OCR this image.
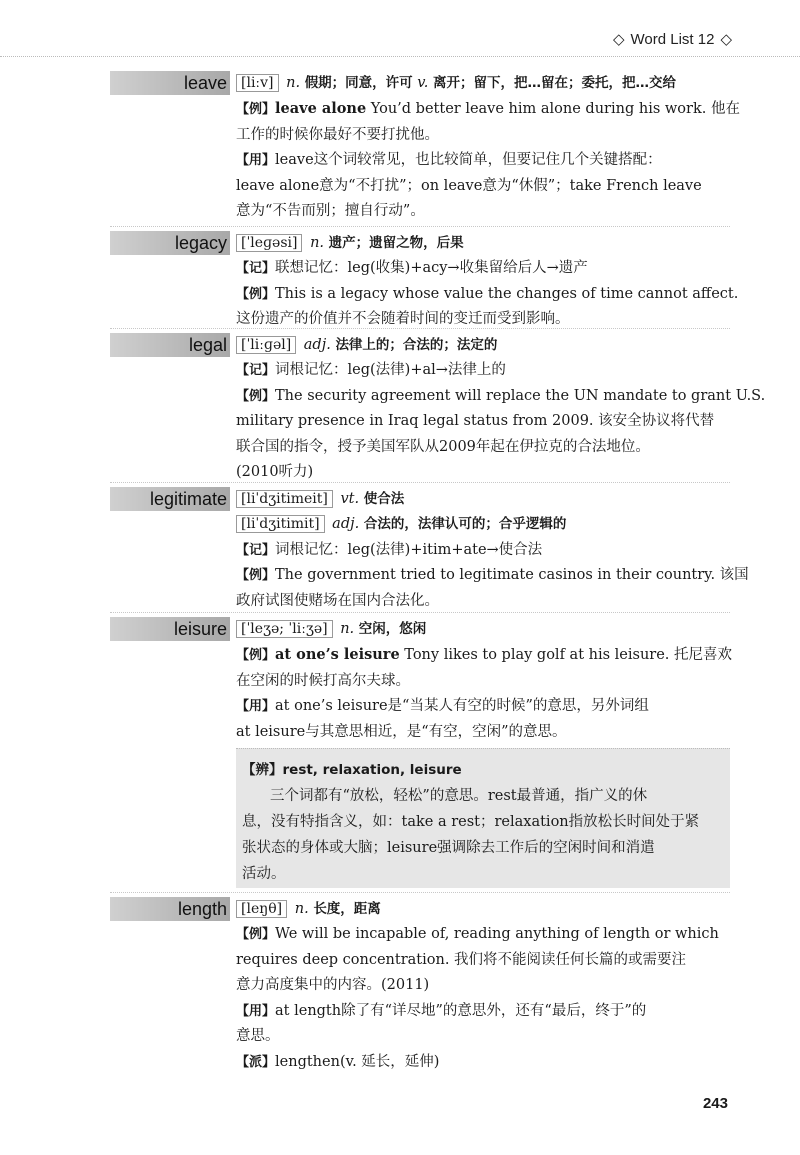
◇ Word List 12 ◇
leave	[liːv] n. 假期；同意，许可 v. 离开；留下，把…留在；委托，把…交给
【例】leave alone You’d better leave him alone during his work. 他在
工作的时候你最好不要打扰他。
【用】leave这个词较常见，也比较简单，但要记住几个关键搭配：
leave alone意为“不打扰”；on leave意为“休假”；take French leave
意为“不告而别；擅自行动”。
legacy	[ˈleɡəsi] n. 遗产；遗留之物，后果
【记】联想记忆：leg(收集)+acy→收集留给后人→遗产
【例】This is a legacy whose value the changes of time cannot affect.
这份遗产的价值并不会随着时间的变迁而受到影响。
legal	[ˈliːɡəl] adj. 法律上的；合法的；法定的
【记】词根记忆：leg(法律)+al→法律上的
【例】The security agreement will replace the UN mandate to grant U.S.
military presence in Iraq legal status from 2009. 该安全协议将代替
联合国的指令，授予美国军队从2009年起在伊拉克的合法地位。
(2010听力)
legitimate	[liˈdʒitimeit] vt. 使合法
[liˈdʒitimit] adj. 合法的，法律认可的；合乎逻辑的
【记】词根记忆：leg(法律)+itim+ate→使合法
【例】The government tried to legitimate casinos in their country. 该国
政府试图使赌场在国内合法化。
leisure	[ˈleʒə; ˈliːʒə] n. 空闲，悠闲
【例】at one’s leisure Tony likes to play golf at his leisure. 托尼喜欢
在空闲的时候打高尔夫球。
【用】at one’s leisure是“当某人有空的时候”的意思，另外词组
at leisure与其意思相近，是“有空，空闲”的意思。
【辨】rest, relaxation, leisure
三个词都有“放松，轻松”的意思。rest最普通，指广义的休
息，没有特指含义，如：take a rest；relaxation指放松长时间处于紧
张状态的身体或大脑；leisure强调除去工作后的空闲时间和消遣
活动。
length	[leŋθ] n. 长度，距离
【例】We will be incapable of, reading anything of length or which
requires deep concentration. 我们将不能阅读任何长篇的或需要注
意力高度集中的内容。(2011)
【用】at length除了有“详尽地”的意思外，还有“最后，终于”的
意思。
【派】lengthen(v. 延长，延伸)
243
